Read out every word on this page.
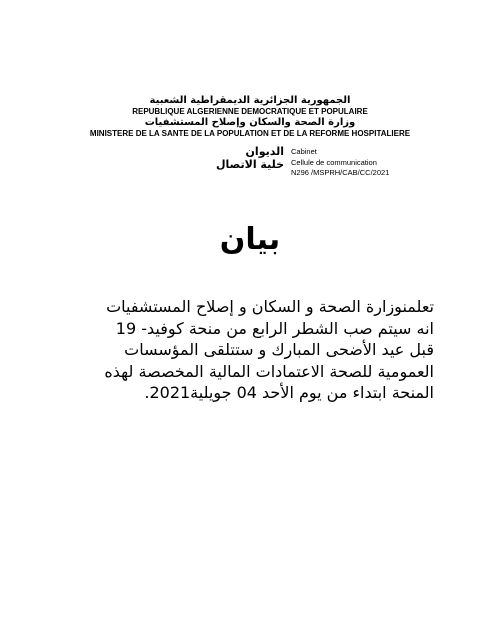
الجمهورية الجزائرية الديمقراطية الشعبية
REPUBLIQUE ALGERIENNE DEMOCRATIQUE ET POPULAIRE
وزارة الصحة والسكان وإصلاح المستشفيات
MINISTERE DE LA SANTE DE LA POPULATION ET DE LA REFORME HOSPITALIERE
الديوان
خلية الاتصال
Cabinet
Cellule de communication
N296 /MSPRH/CAB/CC/2021
بيان
تعلمنوزارة الصحة و السكان و إصلاح المستشفيات
انه سيتم صب الشطر الرابع من منحة كوفيد- 19
قبل عيد الأضحى المبارك و ستتلقى المؤسسات
العمومية للصحة الاعتمادات المالية المخصصة لهذه
المنحة ابتداء من يوم الأحد 04 جويلية2021.
